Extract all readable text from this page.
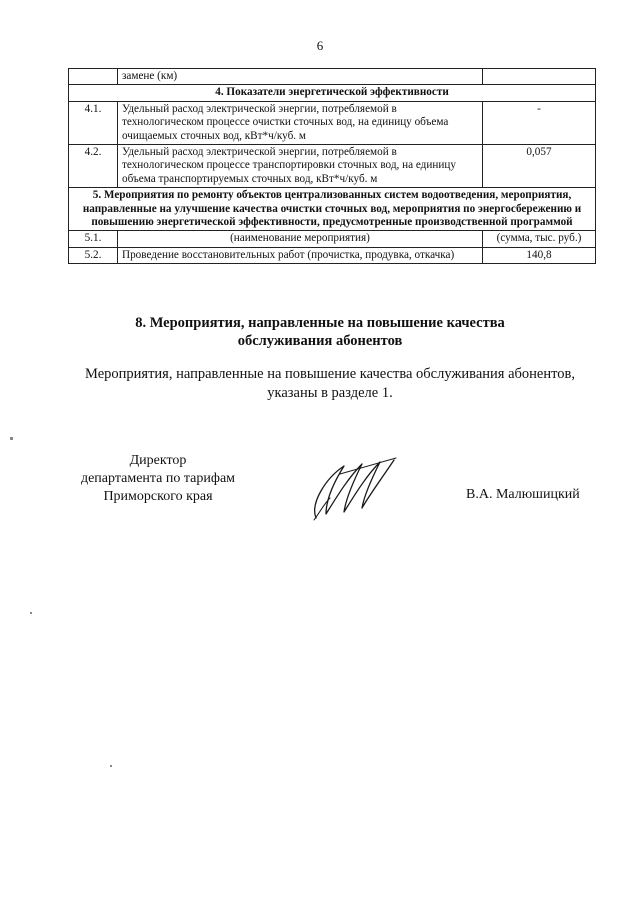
6
	замене (км)	
4. Показатели энергетической эффективности		
4.1.	Удельный расход электрической энергии, потребляемой в технологическом процессе очистки сточных вод, на единицу объема очищаемых сточных вод, кВт*ч/куб. м	-
4.2.	Удельный расход электрической энергии, потребляемой в технологическом процессе транспортировки сточных вод, на единицу объема транспортируемых сточных вод, кВт*ч/куб. м	0,057
5. Мероприятия по ремонту объектов централизованных систем водоотведения, мероприятия, направленные на улучшение качества очистки сточных вод, мероприятия по энергосбережению и повышению энергетической эффективности, предусмотренные производственной программой		
5.1.	(наименование мероприятия)	(сумма, тыс. руб.)
5.2.	Проведение восстановительных работ (прочистка, продувка, откачка)	140,8
8. Мероприятия, направленные на повышение качества
обслуживания абонентов
Мероприятия, направленные на повышение качества обслуживания абонентов, указаны в разделе 1.
Директор
департамента по тарифам
Приморского края	В.А. Малюшицкий
